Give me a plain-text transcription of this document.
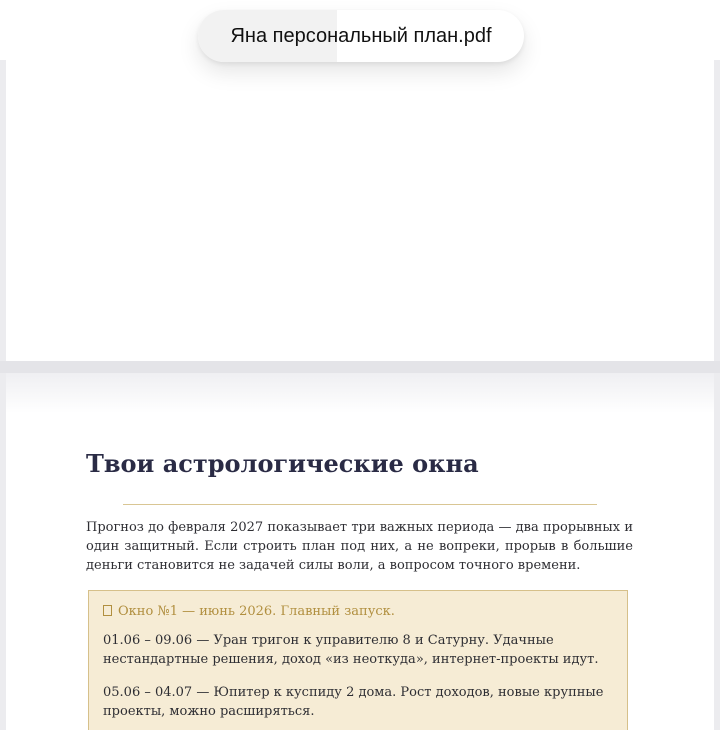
Твои астрологические окна

Прогноз до февраля 2027 показывает три важных периода — два прорывных и один защитный. Если строить план под них, а не вопреки, прорыв в большие деньги становится не задачей силы воли, а вопросом точного времени.

Окно №1 — июнь 2026. Главный запуск.

01.06 – 09.06 — Уран тригон к управителю 8 и Сатурну. Удачные нестандартные решения, доход «из неоткуда», интернет-проекты идут.

05.06 – 04.07 — Юпитер к куспиду 2 дома. Рост доходов, новые крупные проекты, можно расширяться.

Яна персональный план.pdf
